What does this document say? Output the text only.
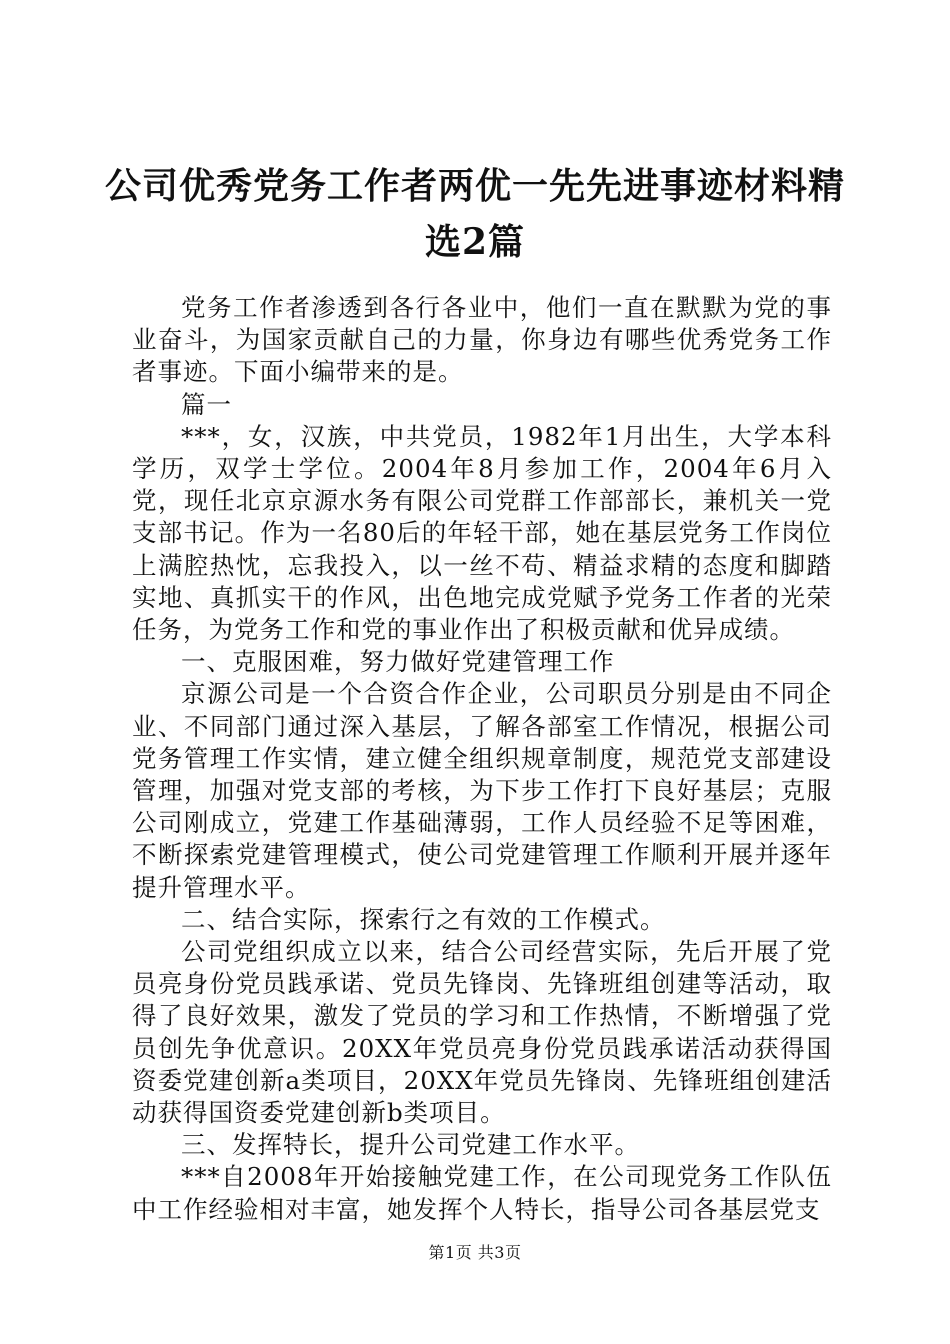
公司优秀党务工作者两优一先先进事迹材料精
选2篇

党务工作者渗透到各行各业中，他们一直在默默为党的事业奋斗，为国家贡献自己的力量，你身边有哪些优秀党务工作者事迹。下面小编带来的是。

篇一

***，女，汉族，中共党员，1982年1月出生，大学本科学历，双学士学位。2004年8月参加工作，2004年6月入党，现任北京京源水务有限公司党群工作部部长，兼机关一党支部书记。作为一名80后的年轻干部，她在基层党务工作岗位上满腔热忱，忘我投入，以一丝不苟、精益求精的态度和脚踏实地、真抓实干的作风，出色地完成党赋予党务工作者的光荣任务，为党务工作和党的事业作出了积极贡献和优异成绩。

一、克服困难，努力做好党建管理工作

京源公司是一个合资合作企业，公司职员分别是由不同企业、不同部门通过深入基层，了解各部室工作情况，根据公司党务管理工作实情，建立健全组织规章制度，规范党支部建设管理，加强对党支部的考核，为下步工作打下良好基层；克服公司刚成立，党建工作基础薄弱，工作人员经验不足等困难，不断探索党建管理模式，使公司党建管理工作顺利开展并逐年提升管理水平。

二、结合实际，探索行之有效的工作模式。

公司党组织成立以来，结合公司经营实际，先后开展了党员亮身份党员践承诺、党员先锋岗、先锋班组创建等活动，取得了良好效果，激发了党员的学习和工作热情，不断增强了党员创先争优意识。20XX年党员亮身份党员践承诺活动获得国资委党建创新a类项目，20XX年党员先锋岗、先锋班组创建活动获得国资委党建创新b类项目。

三、发挥特长，提升公司党建工作水平。

***自2008年开始接触党建工作，在公司现党务工作队伍中工作经验相对丰富，她发挥个人特长，指导公司各基层党支

第1页 共3页
